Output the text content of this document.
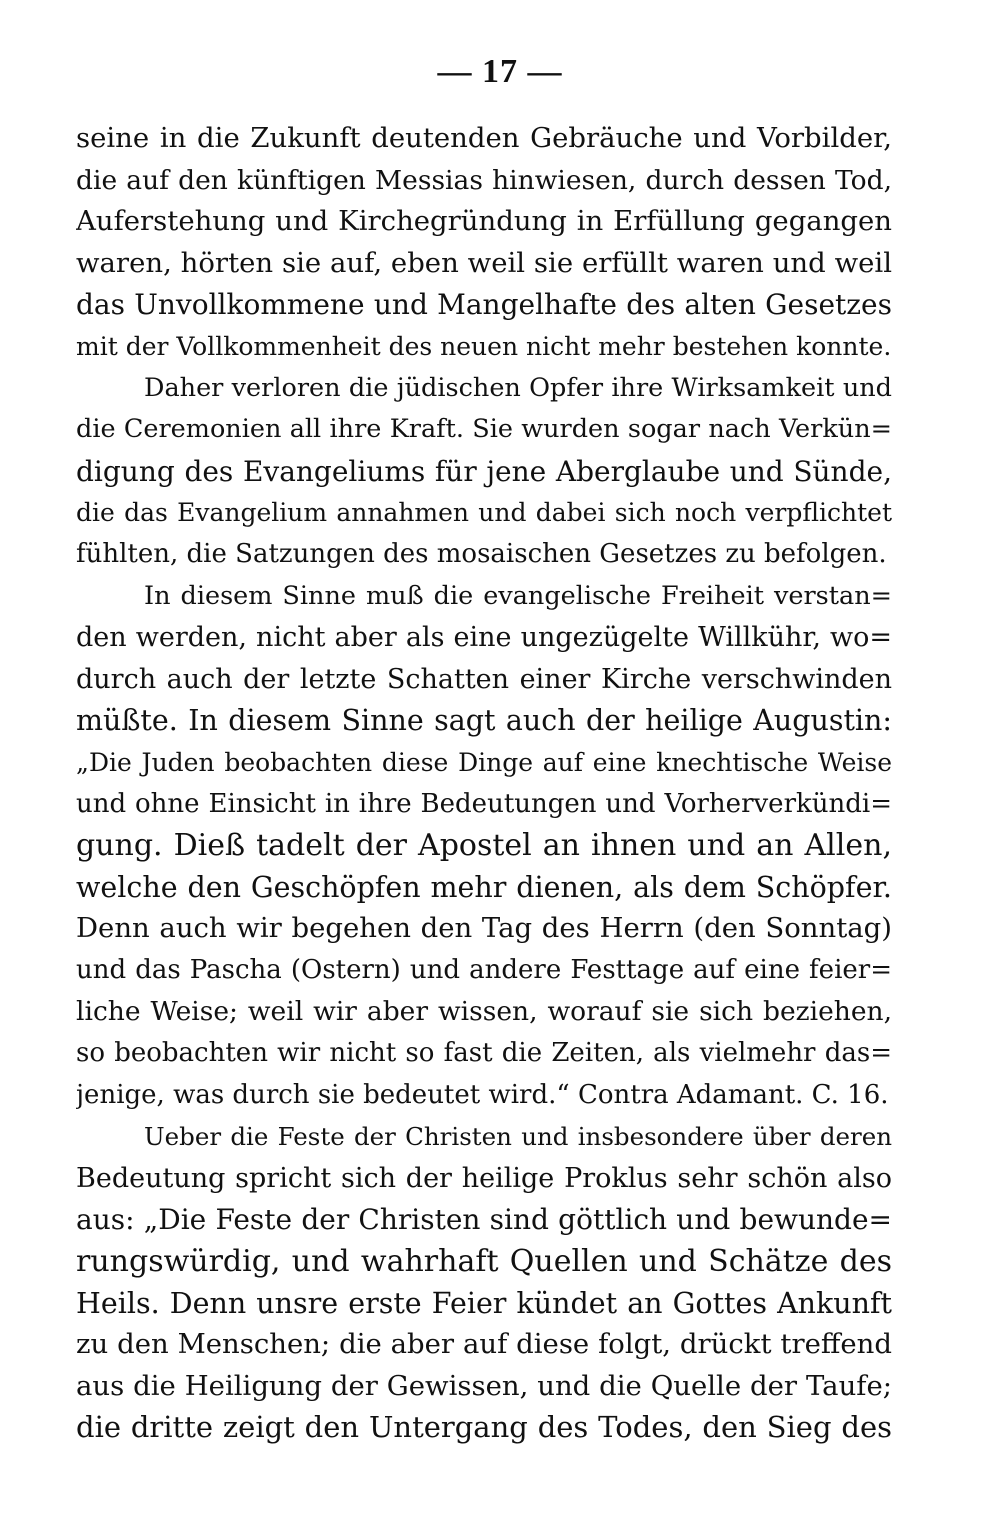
— 17 —
seine in die Zukunft deutenden Gebräuche und Vorbilder,
die auf den künftigen Messias hinwiesen, durch dessen Tod,
Auferstehung und Kirchegründung in Erfüllung gegangen
waren, hörten sie auf, eben weil sie erfüllt waren und weil
das Unvollkommene und Mangelhafte des alten Gesetzes
mit der Vollkommenheit des neuen nicht mehr bestehen konnte.
Daher verloren die jüdischen Opfer ihre Wirksamkeit und
die Ceremonien all ihre Kraft. Sie wurden sogar nach Verkün=
digung des Evangeliums für jene Aberglaube und Sünde,
die das Evangelium annahmen und dabei sich noch verpflichtet
fühlten, die Satzungen des mosaischen Gesetzes zu befolgen.
In diesem Sinne muß die evangelische Freiheit verstan=
den werden, nicht aber als eine ungezügelte Willkühr, wo=
durch auch der letzte Schatten einer Kirche verschwinden
müßte. In diesem Sinne sagt auch der heilige Augustin:
„Die Juden beobachten diese Dinge auf eine knechtische Weise
und ohne Einsicht in ihre Bedeutungen und Vorherverkündi=
gung. Dieß tadelt der Apostel an ihnen und an Allen,
welche den Geschöpfen mehr dienen, als dem Schöpfer.
Denn auch wir begehen den Tag des Herrn (den Sonntag)
und das Pascha (Ostern) und andere Festtage auf eine feier=
liche Weise; weil wir aber wissen, worauf sie sich beziehen,
so beobachten wir nicht so fast die Zeiten, als vielmehr das=
jenige, was durch sie bedeutet wird.“ Contra Adamant. C. 16.
Ueber die Feste der Christen und insbesondere über deren
Bedeutung spricht sich der heilige Proklus sehr schön also
aus: „Die Feste der Christen sind göttlich und bewunde=
rungswürdig, und wahrhaft Quellen und Schätze des
Heils. Denn unsre erste Feier kündet an Gottes Ankunft
zu den Menschen; die aber auf diese folgt, drückt treffend
aus die Heiligung der Gewissen, und die Quelle der Taufe;
die dritte zeigt den Untergang des Todes, den Sieg des
